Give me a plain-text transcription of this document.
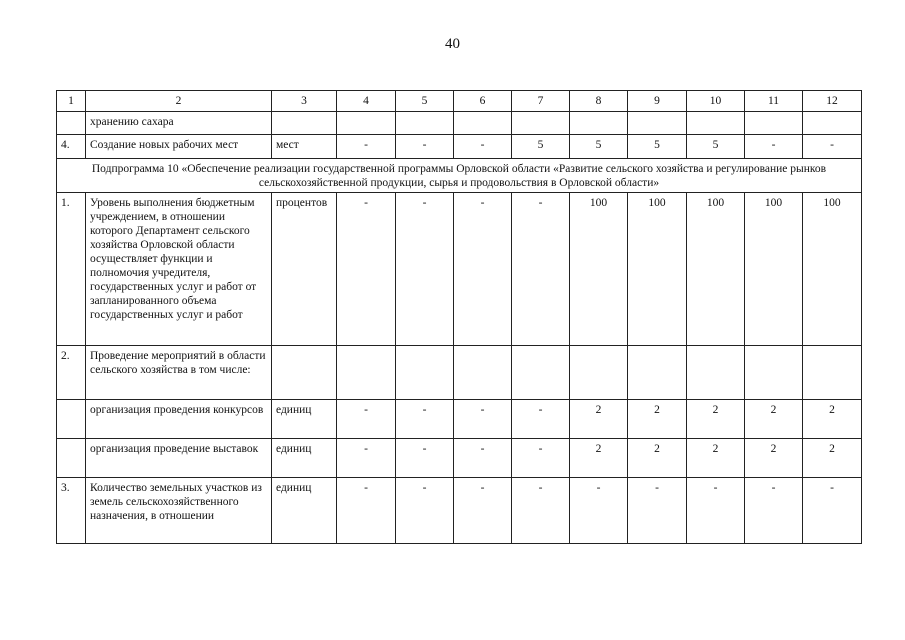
40
1	2	3	4	5	6	7	8	9	10	11	12
	хранению сахара										
4.	Создание новых рабочих мест	мест	-	-	-	5	5	5	5	-	-
Подпрограмма 10 «Обеспечение реализации государственной программы Орловской области «Развитие сельского хозяйства и регулирование рынков сельскохозяйственной продукции, сырья и продовольствия в Орловской области»											
1.	Уровень выполнения бюджетным учреждением, в отношении которого Департамент сельского хозяйства Орловской области осуществляет функции и полномочия учредителя, государственных услуг и работ от запланированного объема государственных услуг и работ	процентов	-	-	-	-	100	100	100	100	100
2.	Проведение мероприятий в области сельского хозяйства в том числе:										
	организация проведения конкурсов	единиц	-	-	-	-	2	2	2	2	2
	организация проведение выставок	единиц	-	-	-	-	2	2	2	2	2
3.	Количество земельных участков из земель сельскохозяйственного назначения, в отношении	единиц	-	-	-	-	-	-	-	-	-
